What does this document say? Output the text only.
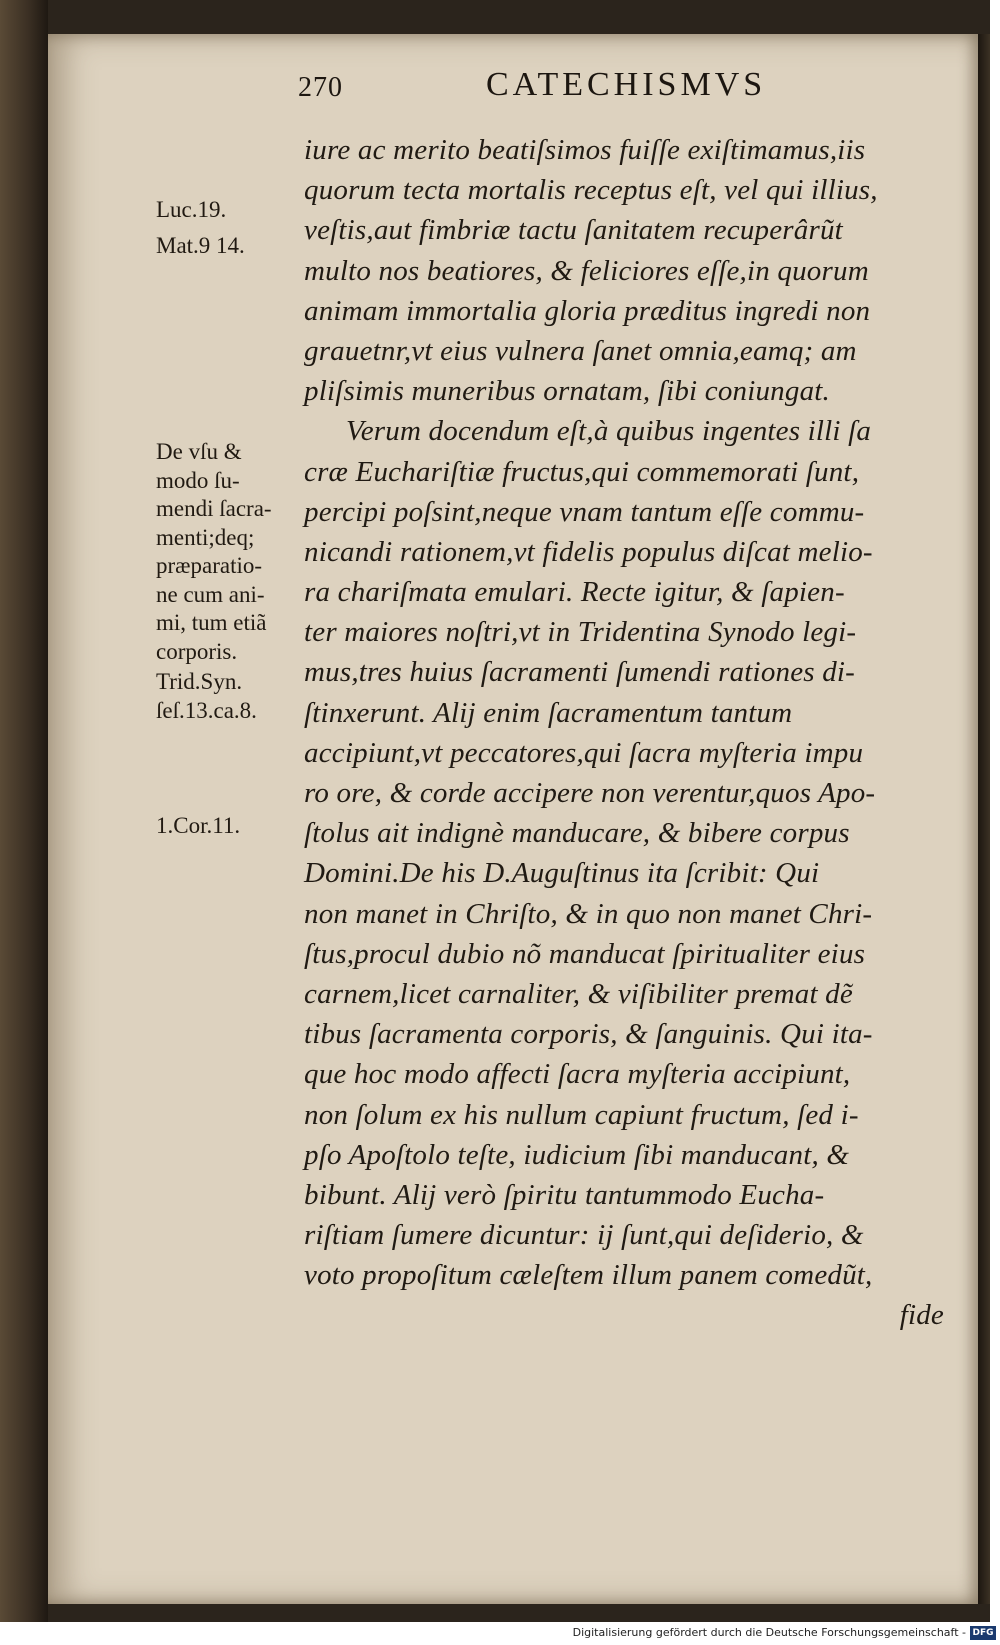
270	CATECHISMVS
Luc.19.
Mat.9 14.
De vſu &
modo ſu-
mendi ſacra-
menti;deq;
præparatio-
ne cum ani-
mi, tum etiã
corporis.
Trid.Syn.
ſeſ.13.ca.8.
1.Cor.11.
iure ac merito beatiſsimos fuiſſe exiſtimamus,iis
quorum tecta mortalis receptus eſt, vel qui illius,
veſtis,aut fimbriæ tactu ſanitatem recuperârũt
multo nos beatiores, & feliciores eſſe,in quorum
animam immortalia gloria præditus ingredi non
grauetnr,vt eius vulnera ſanet omnia,eamq; am
pliſsimis muneribus ornatam, ſibi coniungat.
Verum docendum eſt,à quibus ingentes illi ſa
cræ Euchariſtiæ fructus,qui commemorati ſunt,
percipi poſsint,neque vnam tantum eſſe commu-
nicandi rationem,vt fidelis populus diſcat melio-
ra chariſmata emulari. Recte igitur, & ſapien-
ter maiores noſtri,vt in Tridentina Synodo legi-
mus,tres huius ſacramenti ſumendi rationes di-
ſtinxerunt. Alij enim ſacramentum tantum
accipiunt,vt peccatores,qui ſacra myſteria impu
ro ore, & corde accipere non verentur,quos Apo-
ſtolus ait indignè manducare, & bibere corpus
Domini.De his D.Auguſtinus ita ſcribit: Qui
non manet in Chriſto, & in quo non manet Chri-
ſtus,procul dubio nõ manducat ſpiritualiter eius
carnem,licet carnaliter, & viſibiliter premat dẽ
tibus ſacramenta corporis, & ſanguinis. Qui ita-
que hoc modo affecti ſacra myſteria accipiunt,
non ſolum ex his nullum capiunt fructum, ſed i-
pſo Apoſtolo teſte, iudicium ſibi manducant, &
bibunt. Alij verò ſpiritu tantummodo Eucha-
riſtiam ſumere dicuntur: ij ſunt,qui deſiderio, &
voto propoſitum cæleſtem illum panem comedũt,
fide
Digitalisierung gefördert durch die Deutsche Forschungsgemeinschaft - DFG
